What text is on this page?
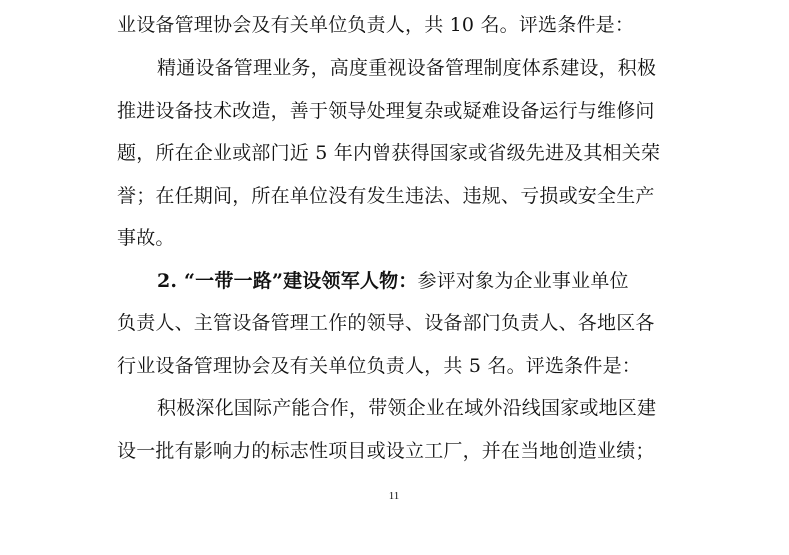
业设备管理协会及有关单位负责人，共 10 名。评选条件是：
精通设备管理业务，高度重视设备管理制度体系建设，积极
推进设备技术改造，善于领导处理复杂或疑难设备运行与维修问
题，所在企业或部门近 5 年内曾获得国家或省级先进及其相关荣
誉；在任期间，所在单位没有发生违法、违规、亏损或安全生产
事故。
2. “一带一路”建设领军人物：参评对象为企业事业单位
负责人、主管设备管理工作的领导、设备部门负责人、各地区各
行业设备管理协会及有关单位负责人，共 5 名。评选条件是：
积极深化国际产能合作，带领企业在域外沿线国家或地区建
设一批有影响力的标志性项目或设立工厂，并在当地创造业绩；
11
